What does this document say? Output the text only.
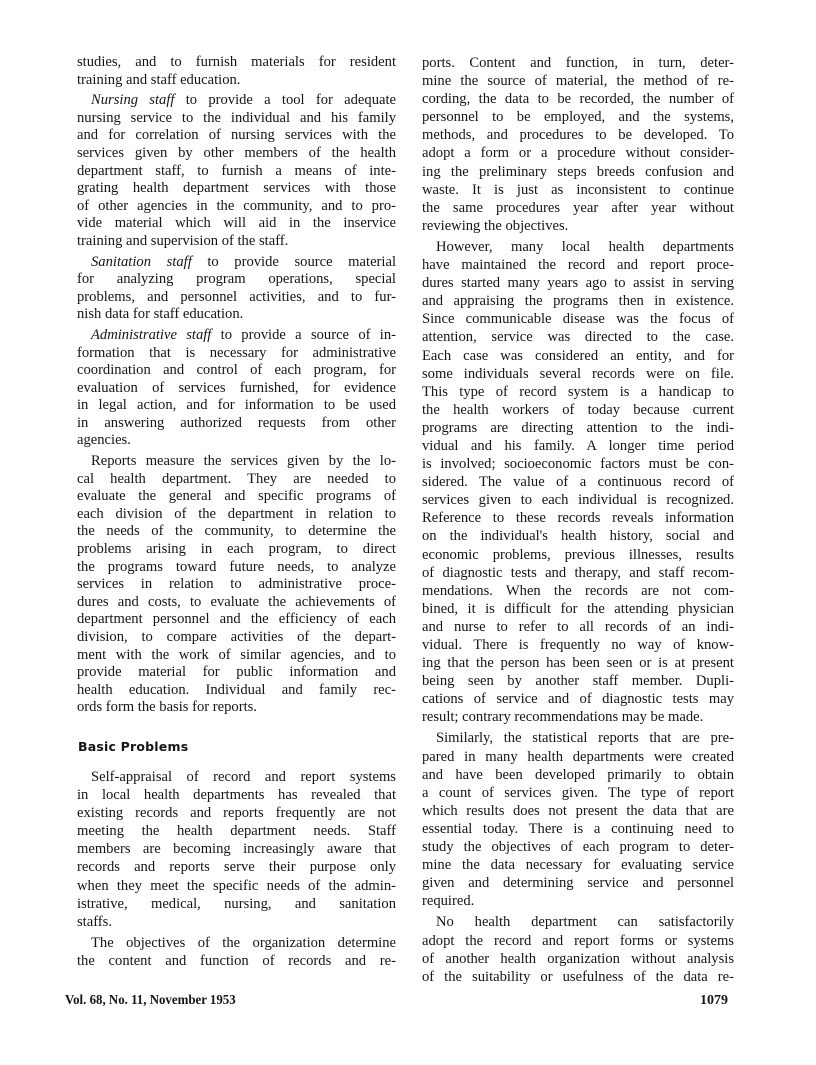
studies, and to furnish materials for resident
training and staff education.
Nursing staff to provide a tool for adequate
nursing service to the individual and his family
and for correlation of nursing services with the
services given by other members of the health
department staff, to furnish a means of inte-
grating health department services with those
of other agencies in the community, and to pro-
vide material which will aid in the inservice
training and supervision of the staff.
Sanitation staff to provide source material
for analyzing program operations, special
problems, and personnel activities, and to fur-
nish data for staff education.
Administrative staff to provide a source of in-
formation that is necessary for administrative
coordination and control of each program, for
evaluation of services furnished, for evidence
in legal action, and for information to be used
in answering authorized requests from other
agencies.
Reports measure the services given by the lo-
cal health department. They are needed to
evaluate the general and specific programs of
each division of the department in relation to
the needs of the community, to determine the
problems arising in each program, to direct
the programs toward future needs, to analyze
services in relation to administrative proce-
dures and costs, to evaluate the achievements of
department personnel and the efficiency of each
division, to compare activities of the depart-
ment with the work of similar agencies, and to
provide material for public information and
health education. Individual and family rec-
ords form the basis for reports.
Basic Problems
Self-appraisal of record and report systems
in local health departments has revealed that
existing records and reports frequently are not
meeting the health department needs. Staff
members are becoming increasingly aware that
records and reports serve their purpose only
when they meet the specific needs of the admin-
istrative, medical, nursing, and sanitation
staffs.
The objectives of the organization determine
the content and function of records and re-
ports. Content and function, in turn, deter-
mine the source of material, the method of re-
cording, the data to be recorded, the number of
personnel to be employed, and the systems,
methods, and procedures to be developed. To
adopt a form or a procedure without consider-
ing the preliminary steps breeds confusion and
waste. It is just as inconsistent to continue
the same procedures year after year without
reviewing the objectives.
However, many local health departments
have maintained the record and report proce-
dures started many years ago to assist in serving
and appraising the programs then in existence.
Since communicable disease was the focus of
attention, service was directed to the case.
Each case was considered an entity, and for
some individuals several records were on file.
This type of record system is a handicap to
the health workers of today because current
programs are directing attention to the indi-
vidual and his family. A longer time period
is involved; socioeconomic factors must be con-
sidered. The value of a continuous record of
services given to each individual is recognized.
Reference to these records reveals information
on the individual's health history, social and
economic problems, previous illnesses, results
of diagnostic tests and therapy, and staff recom-
mendations. When the records are not com-
bined, it is difficult for the attending physician
and nurse to refer to all records of an indi-
vidual. There is frequently no way of know-
ing that the person has been seen or is at present
being seen by another staff member. Dupli-
cations of service and of diagnostic tests may
result; contrary recommendations may be made.
Similarly, the statistical reports that are pre-
pared in many health departments were created
and have been developed primarily to obtain
a count of services given. The type of report
which results does not present the data that are
essential today. There is a continuing need to
study the objectives of each program to deter-
mine the data necessary for evaluating service
given and determining service and personnel
required.
No health department can satisfactorily
adopt the record and report forms or systems
of another health organization without analysis
of the suitability or usefulness of the data re-
Vol. 68, No. 11, November 1953	1079
